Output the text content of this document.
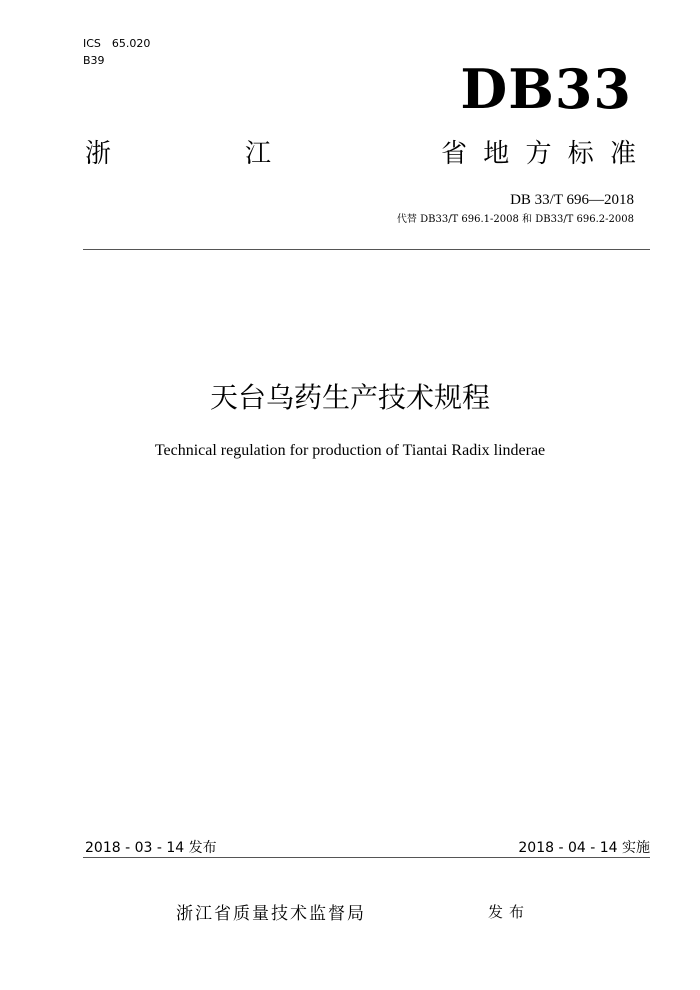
ICS　65.020
B39	DB33
浙	江	省 地 方 标 准
DB 33/T 696—2018
代替 DB33/T 696.1-2008 和 DB33/T 696.2-2008
天台乌药生产技术规程
Technical regulation for production of Tiantai Radix linderae
2018 - 03 - 14 发布	2018 - 04 - 14 实施
浙江省质量技术监督局	发布
